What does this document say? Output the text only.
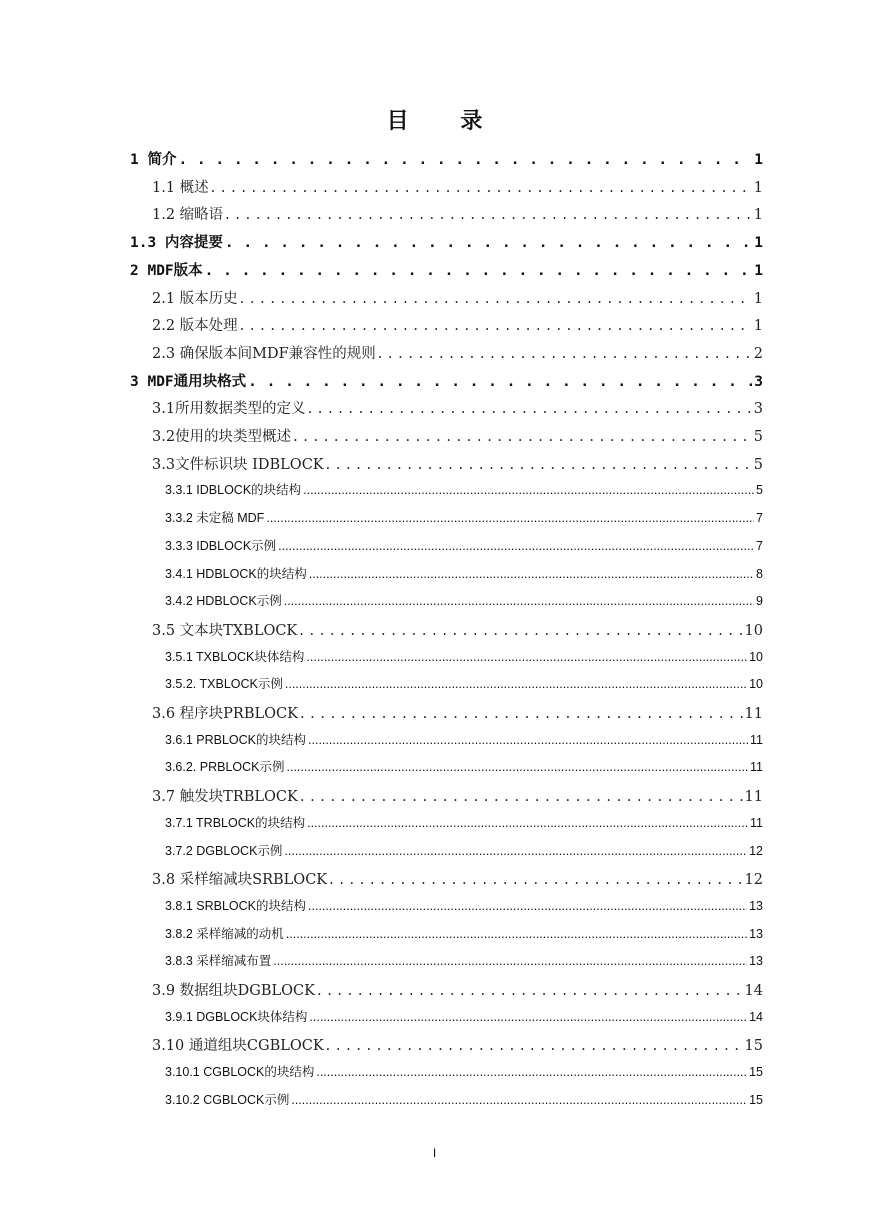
目 录
1 简介 . . .	1
1.1 概述 . . .	1
1.2 缩略语 . . .	1
1.3 内容提要 . . .	1
2 MDF版本 . . .	1
2.1 版本历史 . . .	1
2.2 版本处理 . . .	1
2.3 确保版本间MDF兼容性的规则 . . .	2
3 MDF通用块格式 . . .	3
3.1所用数据类型的定义 . . .	3
3.2使用的块类型概述 . . .	5
3.3文件标识块 IDBLOCK . . .	5
3.3.1 IDBLOCK的块结构 .....	5
3.3.2 未定稿 MDF .....	7
3.3.3 IDBLOCK示例 .....	7
3.4.1 HDBLOCK的块结构 .....	8
3.4.2 HDBLOCK示例 .....	9
3.5 文本块TXBLOCK . . .	10
3.5.1 TXBLOCK块体结构 .....	10
3.5.2. TXBLOCK示例 .....	10
3.6 程序块PRBLOCK . . .	11
3.6.1 PRBLOCK的块结构 .....	11
3.6.2. PRBLOCK示例 .....	11
3.7 触发块TRBLOCK . . .	11
3.7.1 TRBLOCK的块结构 .....	11
3.7.2 DGBLOCK示例 .....	12
3.8 采样缩减块SRBLOCK . . .	12
3.8.1 SRBLOCK的块结构 .....	13
3.8.2 采样缩减的动机 .....	13
3.8.3 采样缩减布置 .....	13
3.9 数据组块DGBLOCK . . .	14
3.9.1 DGBLOCK块体结构 .....	14
3.10 通道组块CGBLOCK . . .	15
3.10.1 CGBLOCK的块结构 .....	15
3.10.2 CGBLOCK示例 .....	15
I
